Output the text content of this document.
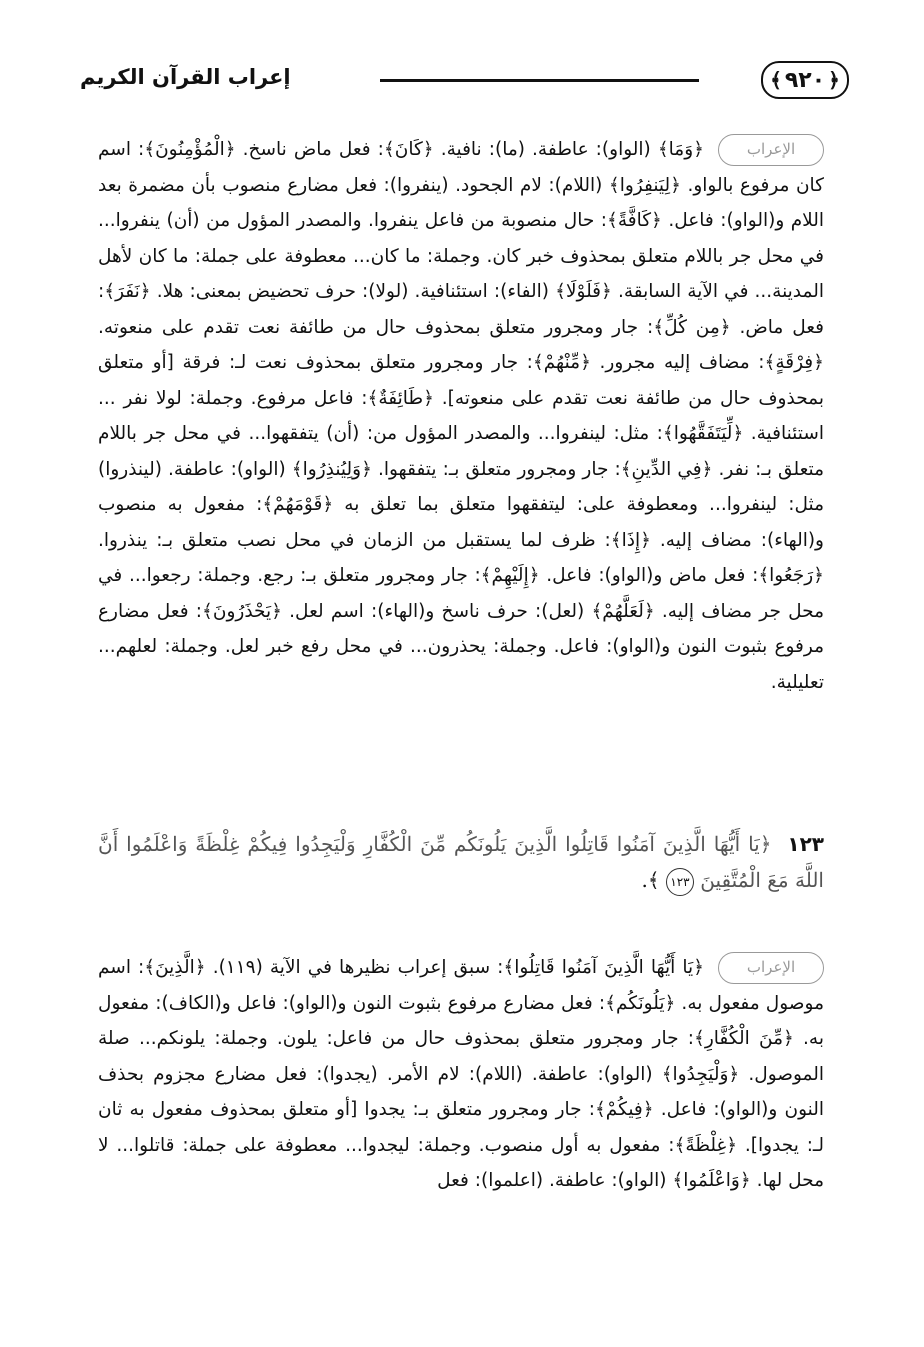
﴿
٩٢٠
﴾
إعراب القرآن الكريم
الإعراب

﴿وَمَا﴾ (الواو): عاطفة. (ما): نافية. ﴿كَانَ﴾: فعل ماض ناسخ. ﴿الْمُؤْمِنُونَ﴾: اسم كان مرفوع بالواو. ﴿لِيَنفِرُوا﴾ (اللام): لام الجحود. (ينفروا): فعل مضارع منصوب بأن مضمرة بعد اللام و(الواو): فاعل. ﴿كَافَّةً﴾: حال منصوبة من فاعل ينفروا. والمصدر المؤول من (أن) ينفروا... في محل جر باللام متعلق بمحذوف خبر كان. وجملة: ما كان... معطوفة على جملة: ما كان لأهل المدينة... في الآية السابقة. ﴿فَلَوْلَا﴾ (الفاء): استئنافية. (لولا): حرف تحضيض بمعنى: هلا. ﴿نَفَرَ﴾: فعل ماض. ﴿مِن كُلِّ﴾: جار ومجرور متعلق بمحذوف حال من طائفة نعت تقدم على منعوته. ﴿فِرْقَةٍ﴾: مضاف إليه مجرور. ﴿مِّنْهُمْ﴾: جار ومجرور متعلق بمحذوف نعت لـ: فرقة [أو متعلق بمحذوف حال من طائفة نعت تقدم على منعوته]. ﴿طَائِفَةٌ﴾: فاعل مرفوع. وجملة: لولا نفر ... استئنافية. ﴿لِّيَتَفَقَّهُوا﴾: مثل: لينفروا... والمصدر المؤول من: (أن) يتفقهوا... في محل جر باللام متعلق بـ: نفر. ﴿فِي الدِّينِ﴾: جار ومجرور متعلق بـ: يتفقهوا. ﴿وَلِيُنذِرُوا﴾ (الواو): عاطفة. (لينذروا) مثل: لينفروا... ومعطوفة على: ليتفقهوا متعلق بما تعلق به ﴿قَوْمَهُمْ﴾: مفعول به منصوب و(الهاء): مضاف إليه. ﴿إِذَا﴾: ظرف لما يستقبل من الزمان في محل نصب متعلق بـ: ينذروا. ﴿رَجَعُوا﴾: فعل ماض و(الواو): فاعل. ﴿إِلَيْهِمْ﴾: جار ومجرور متعلق بـ: رجع. وجملة: رجعوا... في محل جر مضاف إليه. ﴿لَعَلَّهُمْ﴾ (لعل): حرف ناسخ و(الهاء): اسم لعل. ﴿يَحْذَرُونَ﴾: فعل مضارع مرفوع بثبوت النون و(الواو): فاعل. وجملة: يحذرون... في محل رفع خبر لعل. وجملة: لعلهم... تعليلية.

١٢٣ ﴿يَا أَيُّهَا الَّذِينَ آمَنُوا قَاتِلُوا الَّذِينَ يَلُونَكُم مِّنَ الْكُفَّارِ وَلْيَجِدُوا فِيكُمْ غِلْظَةً وَاعْلَمُوا أَنَّ اللَّهَ مَعَ الْمُتَّقِينَ ١٢٣ ﴾.
الإعراب

﴿يَا أَيُّهَا الَّذِينَ آمَنُوا قَاتِلُوا﴾: سبق إعراب نظيرها في الآية (١١٩). ﴿الَّذِينَ﴾: اسم موصول مفعول به. ﴿يَلُونَكُم﴾: فعل مضارع مرفوع بثبوت النون و(الواو): فاعل و(الكاف): مفعول به. ﴿مِّنَ الْكُفَّارِ﴾: جار ومجرور متعلق بمحذوف حال من فاعل: يلون. وجملة: يلونكم... صلة الموصول. ﴿وَلْيَجِدُوا﴾ (الواو): عاطفة. (اللام): لام الأمر. (يجدوا): فعل مضارع مجزوم بحذف النون و(الواو): فاعل. ﴿فِيكُمْ﴾: جار ومجرور متعلق بـ: يجدوا [أو متعلق بمحذوف مفعول به ثان لـ: يجدوا]. ﴿غِلْظَةً﴾: مفعول به أول منصوب. وجملة: ليجدوا... معطوفة على جملة: قاتلوا... لا محل لها. ﴿وَاعْلَمُوا﴾ (الواو): عاطفة. (اعلموا): فعل
